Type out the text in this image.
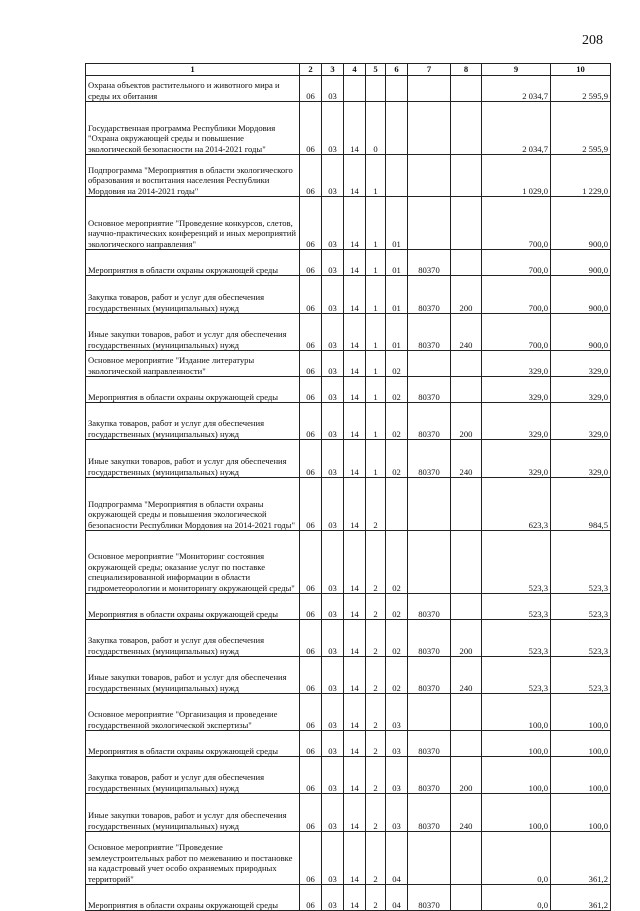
208
1	2	3	4	5	6	7	8	9	10
Охрана объектов растительного и животного мира и среды их обитания	06	03						2 034,7	2 595,9
Государственная программа Республики Мордовия "Охрана окружающей среды и повышение экологической безопасности на 2014-2021 годы"	06	03	14	0				2 034,7	2 595,9
Подпрограмма "Мероприятия в области экологического образования и воспитания населения Республики Мордовия на 2014-2021 годы"	06	03	14	1				1 029,0	1 229,0
Основное мероприятие "Проведение конкурсов, слетов, научно-практических конференций и иных мероприятий экологического направления"	06	03	14	1	01			700,0	900,0
Мероприятия в области охраны окружающей среды	06	03	14	1	01	80370		700,0	900,0
Закупка товаров, работ и услуг для обеспечения государственных (муниципальных) нужд	06	03	14	1	01	80370	200	700,0	900,0
Иные закупки товаров, работ и услуг для обеспечения государственных (муниципальных) нужд	06	03	14	1	01	80370	240	700,0	900,0
Основное мероприятие "Издание литературы экологической направленности"	06	03	14	1	02			329,0	329,0
Мероприятия в области охраны окружающей среды	06	03	14	1	02	80370		329,0	329,0
Закупка товаров, работ и услуг для обеспечения государственных (муниципальных) нужд	06	03	14	1	02	80370	200	329,0	329,0
Иные закупки товаров, работ и услуг для обеспечения государственных (муниципальных) нужд	06	03	14	1	02	80370	240	329,0	329,0
Подпрограмма "Мероприятия в области охраны окружающей среды и повышения экологической безопасности Республики Мордовия на 2014-2021 годы"	06	03	14	2				623,3	984,5
Основное мероприятие "Мониторинг состояния окружающей среды; оказание услуг по поставке специализированной информации в области гидрометеорологии и мониторингу окружающей среды"	06	03	14	2	02			523,3	523,3
Мероприятия в области охраны окружающей среды	06	03	14	2	02	80370		523,3	523,3
Закупка товаров, работ и услуг для обеспечения государственных (муниципальных) нужд	06	03	14	2	02	80370	200	523,3	523,3
Иные закупки товаров, работ и услуг для обеспечения государственных (муниципальных) нужд	06	03	14	2	02	80370	240	523,3	523,3
Основное мероприятие "Организация и проведение государственной экологической экспертизы"	06	03	14	2	03			100,0	100,0
Мероприятия в области охраны окружающей среды	06	03	14	2	03	80370		100,0	100,0
Закупка товаров, работ и услуг для обеспечения государственных (муниципальных) нужд	06	03	14	2	03	80370	200	100,0	100,0
Иные закупки товаров, работ и услуг для обеспечения государственных (муниципальных) нужд	06	03	14	2	03	80370	240	100,0	100,0
Основное мероприятие "Проведение землеустроительных работ по межеванию и постановке на кадастровый учет особо охраняемых природных территорий"	06	03	14	2	04			0,0	361,2
Мероприятия в области охраны окружающей среды	06	03	14	2	04	80370		0,0	361,2
